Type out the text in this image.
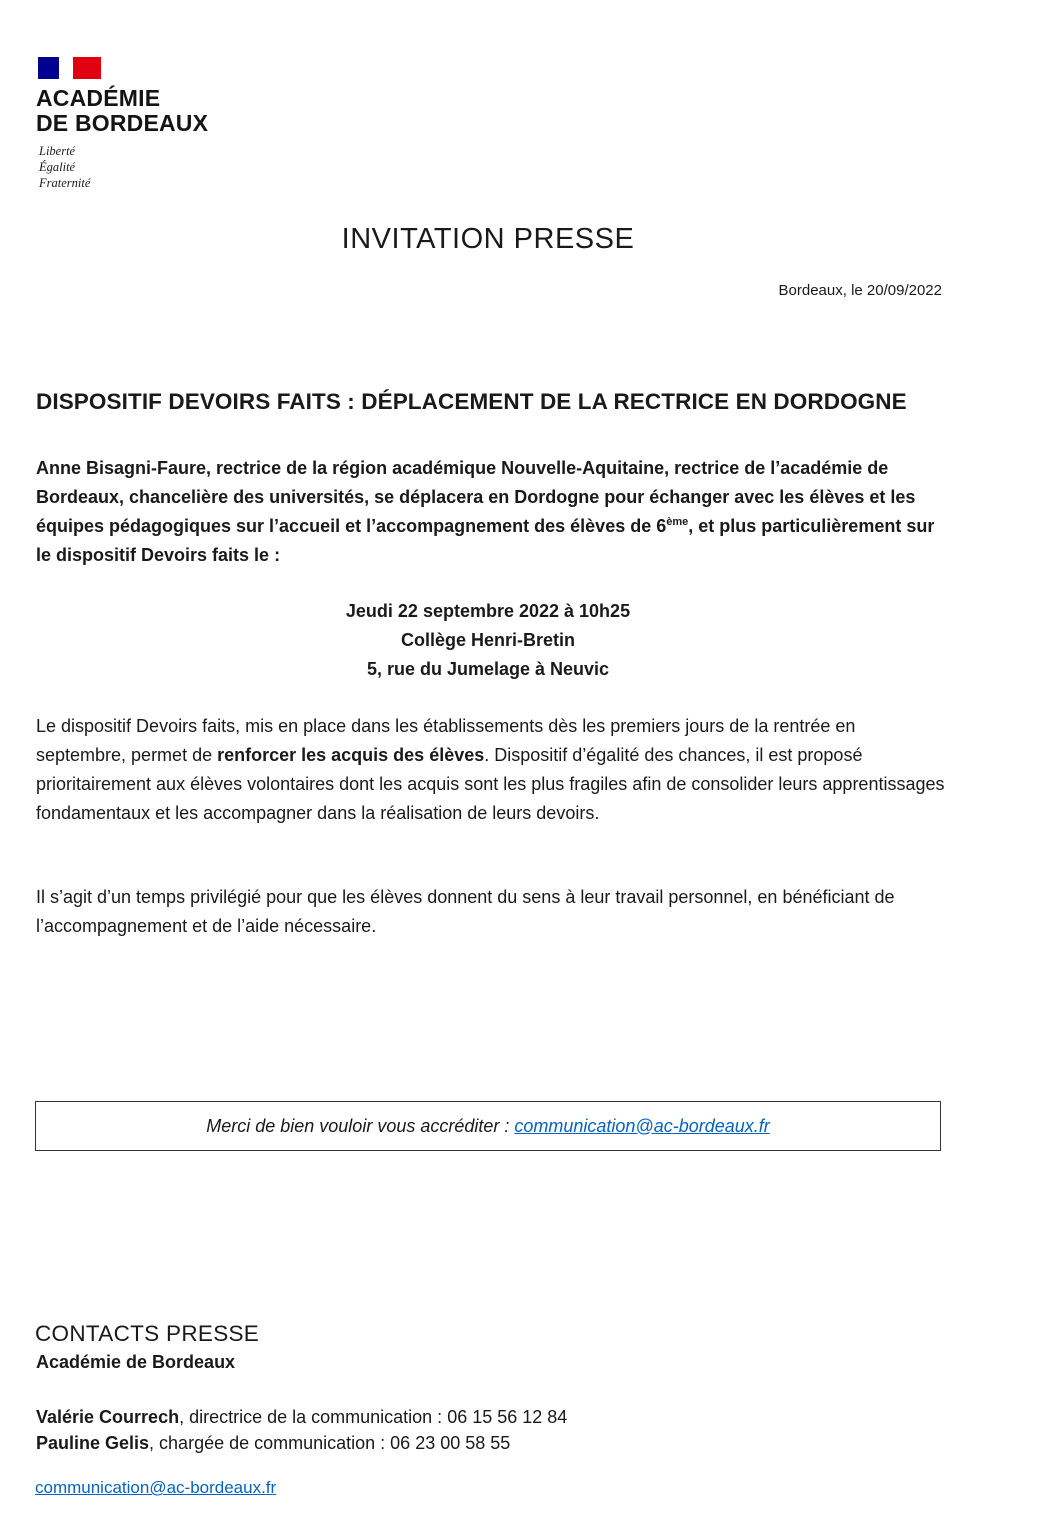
ACADÉMIE
DE BORDEAUX
Liberté
Égalité
Fraternité
INVITATION PRESSE
Bordeaux, le 20/09/2022
DISPOSITIF DEVOIRS FAITS : DÉPLACEMENT DE LA RECTRICE EN DORDOGNE
Anne Bisagni-Faure, rectrice de la région académique Nouvelle-Aquitaine, rectrice de l’académie de Bordeaux, chancelière des universités, se déplacera en Dordogne pour échanger avec les élèves et les équipes pédagogiques sur l’accueil et l’accompagnement des élèves de 6ème, et plus particulièrement sur le dispositif Devoirs faits le :
Jeudi 22 septembre 2022 à 10h25
Collège Henri-Bretin
5, rue du Jumelage à Neuvic
Le dispositif Devoirs faits, mis en place dans les établissements dès les premiers jours de la rentrée en septembre, permet de renforcer les acquis des élèves. Dispositif d’égalité des chances, il est proposé prioritairement aux élèves volontaires dont les acquis sont les plus fragiles afin de consolider leurs apprentissages fondamentaux et les accompagner dans la réalisation de leurs devoirs.
Il s’agit d’un temps privilégié pour que les élèves donnent du sens à leur travail personnel, en bénéficiant de l’accompagnement et de l’aide nécessaire.
Merci de bien vouloir vous accréditer : communication@ac-bordeaux.fr
CONTACTS PRESSE
Académie de Bordeaux
Valérie Courrech, directrice de la communication : 06 15 56 12 84
Pauline Gelis, chargée de communication : 06 23 00 58 55
communication@ac-bordeaux.fr
